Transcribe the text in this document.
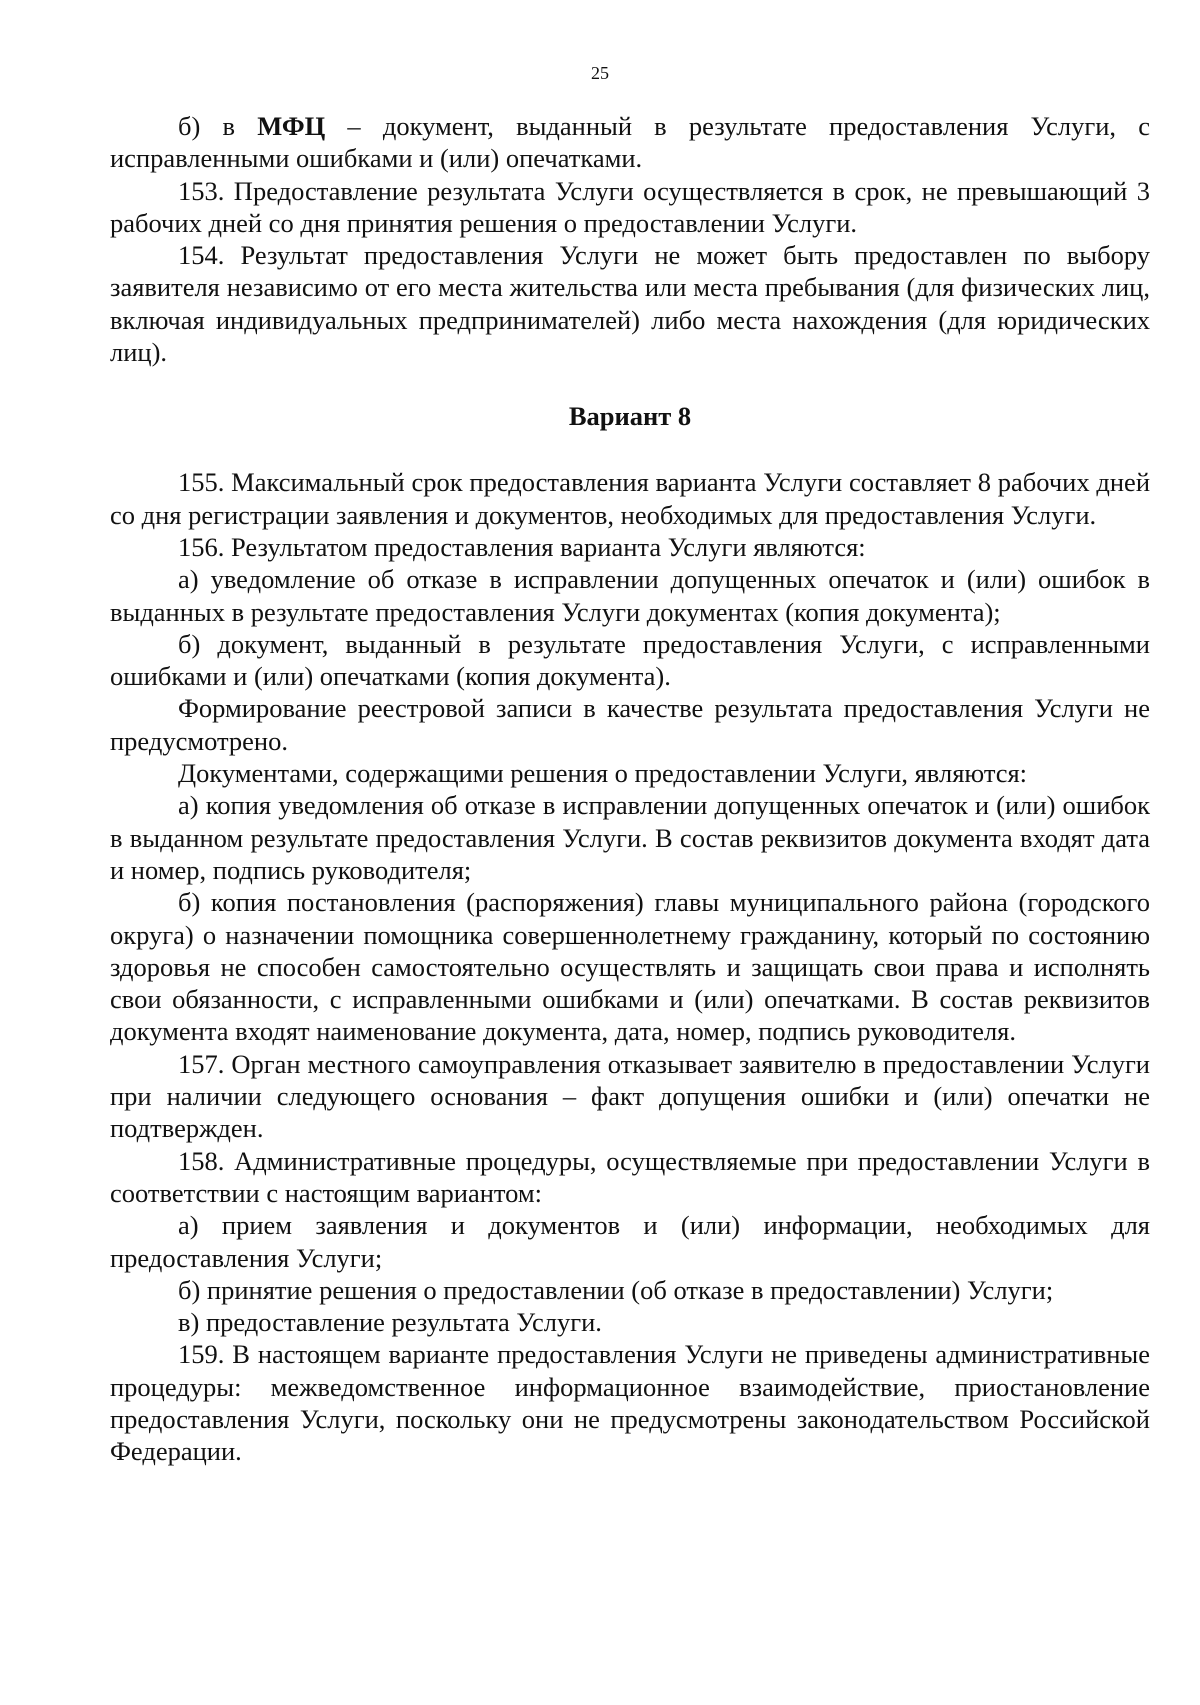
25

б) в МФЦ – документ, выданный в результате предоставления Услуги, с исправленными ошибками и (или) опечатками.

153. Предоставление результата Услуги осуществляется в срок, не превышающий 3 рабочих дней со дня принятия решения о предоставлении Услуги.

154. Результат предоставления Услуги не может быть предоставлен по выбору заявителя независимо от его места жительства или места пребывания (для физических лиц, включая индивидуальных предпринимателей) либо места нахождения (для юридических лиц).

Вариант 8

155. Максимальный срок предоставления варианта Услуги составляет 8 рабочих дней со дня регистрации заявления и документов, необходимых для предоставления Услуги.

156. Результатом предоставления варианта Услуги являются:

а) уведомление об отказе в исправлении допущенных опечаток и (или) ошибок в выданных в результате предоставления Услуги документах (копия документа);

б) документ, выданный в результате предоставления Услуги, с исправленными ошибками и (или) опечатками (копия документа).

Формирование реестровой записи в качестве результата предоставления Услуги не предусмотрено.

Документами, содержащими решения о предоставлении Услуги, являются:

а) копия уведомления об отказе в исправлении допущенных опечаток и (или) ошибок в выданном результате предоставления Услуги. В состав реквизитов документа входят дата и номер, подпись руководителя;

б) копия постановления (распоряжения) главы муниципального района (городского округа) о назначении помощника совершеннолетнему гражданину, который по состоянию здоровья не способен самостоятельно осуществлять и защищать свои права и исполнять свои обязанности, с исправленными ошибками и (или) опечатками. В состав реквизитов документа входят наименование документа, дата, номер, подпись руководителя.

157. Орган местного самоуправления отказывает заявителю в предоставлении Услуги при наличии следующего основания – факт допущения ошибки и (или) опечатки не подтвержден.

158. Административные процедуры, осуществляемые при предоставлении Услуги в соответствии с настоящим вариантом:

а) прием заявления и документов и (или) информации, необходимых для предоставления Услуги;

б) принятие решения о предоставлении (об отказе в предоставлении) Услуги;

в) предоставление результата Услуги.

159. В настоящем варианте предоставления Услуги не приведены административные процедуры: межведомственное информационное взаимодействие, приостановление предоставления Услуги, поскольку они не предусмотрены законодательством Российской Федерации.
